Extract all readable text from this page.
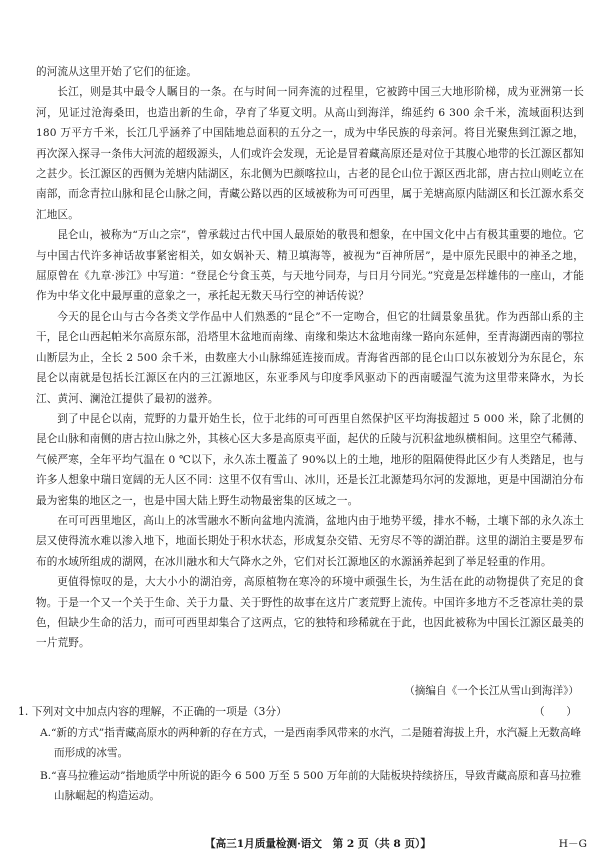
的河流从这里开始了它们的征途。

长江，则是其中最令人瞩目的一条。在与时间一同奔流的过程里，它被跨中国三大地形阶梯，成为亚洲第一长河，见证过沧海桑田，也造出新的生命，孕育了华夏文明。从高山到海洋，绵延约 6 300 余千米，流域面积达到 180 万平方千米，长江几乎涵养了中国陆地总面积的五分之一，成为中华民族的母亲河。将目光聚焦到江源之地，再次深入探寻一条伟大河流的超级源头，人们或许会发现，无论是冒着藏高原还是对位于其腹心地带的长江源区都知之甚少。长江源区的西侧为羌塘内陆湖区，东北侧为巴颜喀拉山，古老的昆仑山位于源区西北部，唐古拉山则屹立在南部，而念青拉山脉和昆仑山脉之间，青藏公路以西的区域被称为可可西里，属于羌塘高原内陆湖区和长江源水系交汇地区。

昆仑山，被称为“万山之宗”，曾承载过古代中国人最原始的敬畏和想象，在中国文化中占有极其重要的地位。它与中国古代许多神话故事紧密相关，如女娲补天、精卫填海等，被视为“百神所居”，是中原先民眼中的神圣之地，屈原曾在《九章·涉江》中写道：“登昆仑兮食玉英，与天地兮同寿，与日月兮同光。”究竟是怎样雄伟的一座山，才能作为中华文化中最厚重的意象之一，承托起无数天马行空的神话传说？

今天的昆仑山与古今各类文学作品中人们熟悉的“昆仑”不一定吻合，但它的壮阔景象虽犹。作为西部山系的主干，昆仑山西起帕米尔高原东部，沿塔里木盆地而南缘、南缘和柴达木盆地南缘一路向东延伸，至青海湖西南的鄂拉山断层为止，全长 2 500 余千米，由数座大小山脉绵延连接而成。青海省西部的昆仑山口以东被划分为东昆仑，东昆仑以南就是包括长江源区在内的三江源地区，东亚季风与印度季风驱动下的西南暖湿气流为这里带来降水，为长江、黄河、澜沧江提供了最初的滋养。

到了中昆仑以南，荒野的力量开始生长，位于北纬的可可西里自然保护区平均海拔超过 5 000 米，除了北侧的昆仑山脉和南侧的唐古拉山脉之外，其核心区大多是高原夷平面，起伏的丘陵与沉积盆地纵横相间。这里空气稀薄、气候严寒，全年平均气温在 0 ℃以下，永久冻土覆盖了 90%以上的土地，地形的阻隔使得此区少有人类踏足，也与许多人想象中瑞日宽阔的无人区不同：这里不仅有雪山、冰川，还是长江北源楚玛尔河的发源地，更是中国湖泊分布最为密集的地区之一，也是中国大陆上野生动物最密集的区域之一。

在可可西里地区，高山上的冰雪融水不断向盆地内流淌，盆地内由于地势平缓，排水不畅，土壤下部的永久冻土层又使得流水难以渗入地下，地面长期处于积水状态，形成复杂交错、无穷尽不等的湖泊群。这里的湖泊主要是罗布布的水域所组成的湖网，在冰川融水和大气降水之外，它们对长江源地区的水源涵养起到了举足轻重的作用。

更值得惊叹的是，大大小小的湖泊旁，高原植物在寒冷的环境中顽强生长，为生活在此的动物提供了充足的食物。于是一个又一个关于生命、关于力量、关于野性的故事在这片广袤荒野上流传。中国许多地方不乏苍凉壮美的景色，但缺少生命的活力，而可可西里却集合了这两点，它的独特和珍稀就在于此，也因此被称为中国长江源区最美的一片荒野。

（摘编自《一个长江从雪山到海洋》）
1. 下列对文中加点内容的理解，不正确的一项是（3分）	（　　）
A.“新的方式”指青藏高原水的两种新的存在方式，一是西南季风带来的水汽，二是随着海拔上升，水汽凝上无数高峰而形成的冰雪。
B.“喜马拉雅运动”指地质学中所说的距今 6 500 万至 5 500 万年前的大陆板块持续挤压，导致青藏高原和喜马拉雅山脉崛起的构造运动。
【高三1月质量检测·语文　第 2 页（共 8 页）】	H－G
